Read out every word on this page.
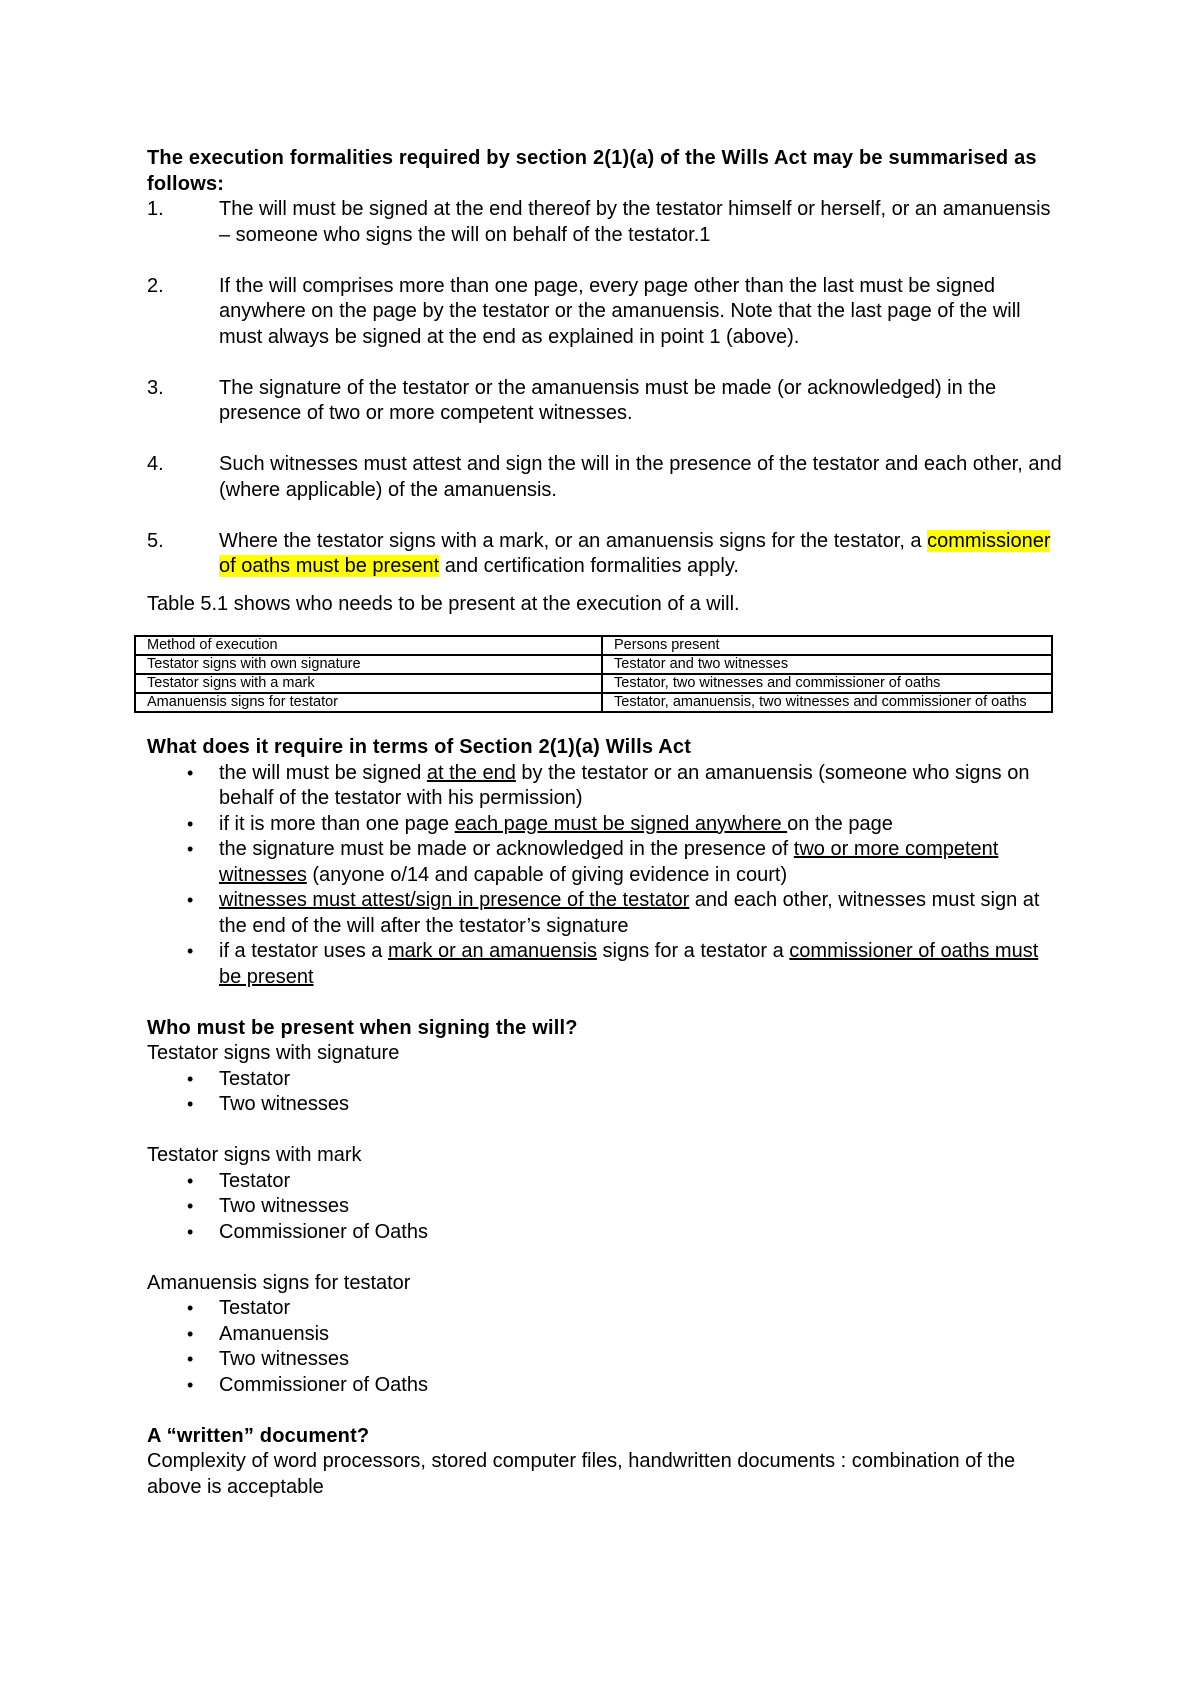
The execution formalities required by section 2(1)(a) of the Wills Act may be summarised as follows:
1.	The will must be signed at the end thereof by the testator himself or herself, or an amanuensis – someone who signs the will on behalf of the testator.1
2.	If the will comprises more than one page, every page other than the last must be signed anywhere on the page by the testator or the amanuensis. Note that the last page of the will must always be signed at the end as explained in point 1 (above).
3.	The signature of the testator or the amanuensis must be made (or acknowledged) in the presence of two or more competent witnesses.
4.	Such witnesses must attest and sign the will in the presence of the testator and each other, and (where applicable) of the amanuensis.
5.	Where the testator signs with a mark, or an amanuensis signs for the testator, a commissioner of oaths must be present and certification formalities apply.
Table 5.1 shows who needs to be present at the execution of a will.
Method of execution	Persons present
Testator signs with own signature	Testator and two witnesses
Testator signs with a mark	Testator, two witnesses and commissioner of oaths
Amanuensis signs for testator	Testator, amanuensis, two witnesses and commissioner of oaths
What does it require in terms of Section 2(1)(a) Wills Act
•	the will must be signed at the end by the testator or an amanuensis (someone who signs on behalf of the testator with his permission)
•	if it is more than one page each page must be signed anywhere on the page
•	the signature must be made or acknowledged in the presence of two or more competent witnesses (anyone o/14 and capable of giving evidence in court)
•	witnesses must attest/sign in presence of the testator and each other, witnesses must sign at the end of the will after the testator’s signature
•	if a testator uses a mark or an amanuensis signs for a testator a commissioner of oaths must be present
Who must be present when signing the will?
Testator signs with signature
•	Testator
•	Two witnesses
Testator signs with mark
•	Testator
•	Two witnesses
•	Commissioner of Oaths
Amanuensis signs for testator
•	Testator
•	Amanuensis
•	Two witnesses
•	Commissioner of Oaths
A “written” document?

Complexity of word processors, stored computer files, handwritten documents : combination of the above is acceptable
